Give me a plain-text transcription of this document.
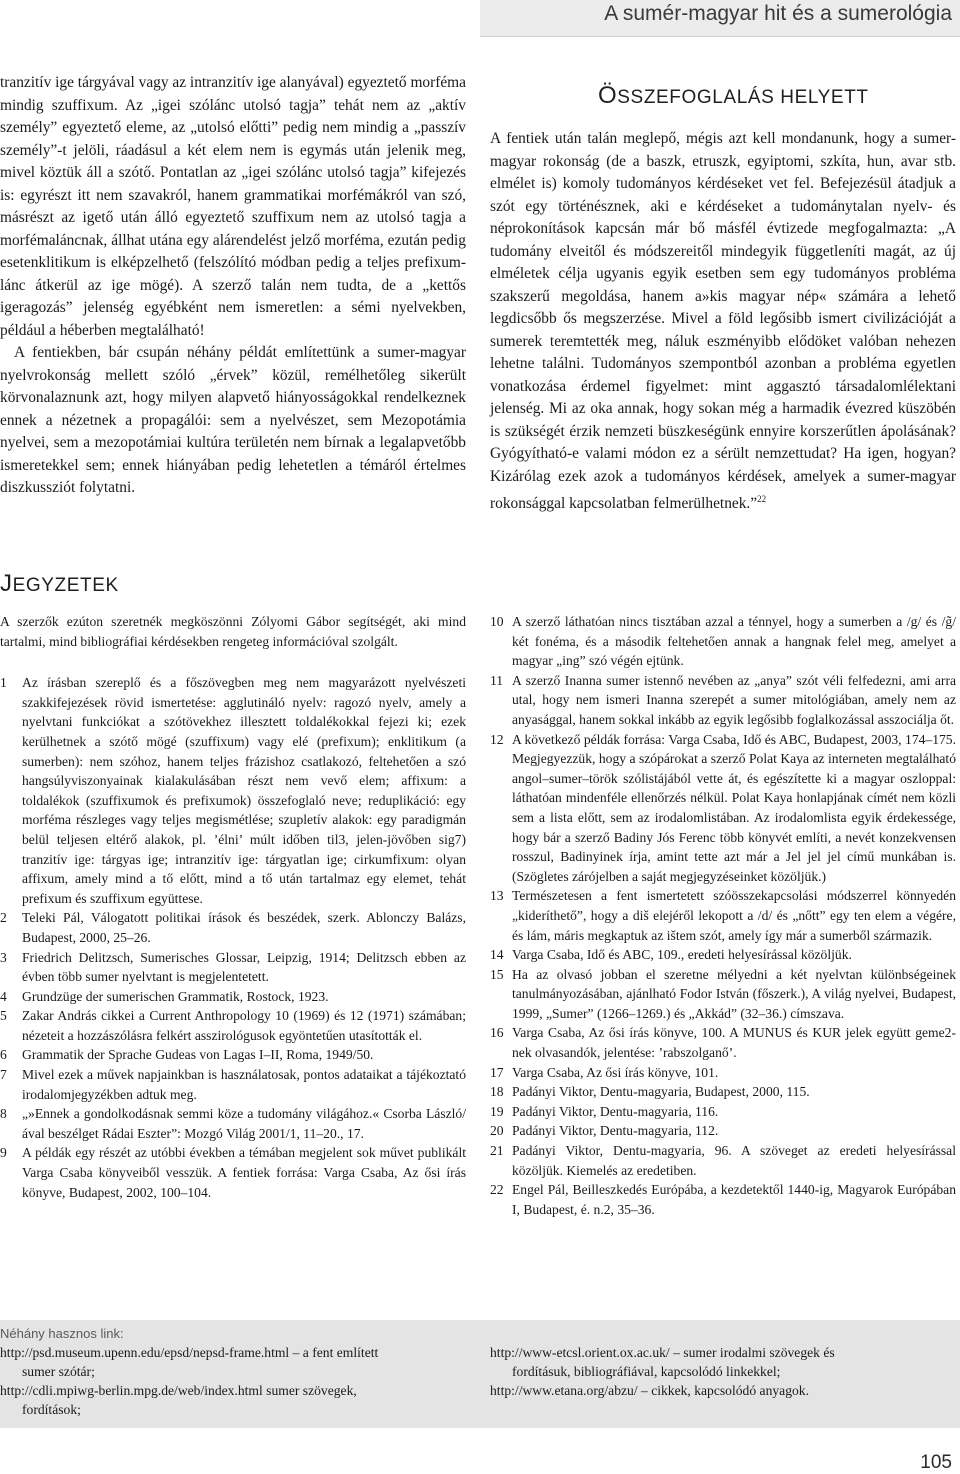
A sumér-magyar hit és a sumerológia

tranzitív ige tárgyával vagy az intranzitív ige alanyával) egyeztető morféma mindig szuffixum. Az „igei szólánc utolsó tagja” tehát nem az „aktív személy” egyeztető eleme, az „utolsó előtti” pedig nem mindig a „passzív személy”-t jelöli, ráadásul a két elem nem is egymás után jelenik meg, mivel köztük áll a szótő. Pontatlan az „igei szólánc utolsó tagja” kifejezés is: egyrészt itt nem szavakról, hanem grammatikai morfémákról van szó, másrészt az igető után álló egyeztető szuffixum nem az utolsó tagja a morfémaláncnak, állhat utána egy alárendelést jelző morféma, ezután pedig esetenklitikum is elképzelhető (felszólító módban pedig a teljes prefixum-lánc átkerül az ige mögé). A szerző talán nem tudta, de a „kettős igeragozás” jelenség egyébként nem ismeretlen: a sémi nyelvekben, például a héberben megtalálható!

A fentiekben, bár csupán néhány példát említettünk a sumer-magyar nyelvrokonság mellett szóló „érvek” közül, remélhetőleg sikerült körvonalaznunk azt, hogy milyen alapvető hiányosságokkal rendelkeznek ennek a nézetnek a propagálói: sem a nyelvészet, sem Mezopotámia nyelvei, sem a mezopotámiai kultúra területén nem bírnak a legalapvetőbb ismeretekkel sem; ennek hiányában pedig lehetetlen a témáról értelmes diszkussziót folytatni.

ÖSSZEFOGLALÁS HELYETT

A fentiek után talán meglepő, mégis azt kell mondanunk, hogy a sumer-magyar rokonság (de a baszk, etruszk, egyiptomi, szkíta, hun, avar stb. elmélet is) komoly tudományos kérdéseket vet fel. Befejezésül átadjuk a szót egy történésznek, aki e kérdéseket a tudománytalan nyelv- és néprokonítások kapcsán már bő másfél évtizede megfogalmazta: „A tudomány elveitől és módszereitől mindegyik függetleníti magát, az új elméletek célja ugyanis egyik esetben sem egy tudományos probléma szakszerű megoldása, hanem a»kis magyar nép« számára a lehető legdicsőbb ős megszerzése. Mivel a föld legősibb ismert civilizációját a sumerek teremtették meg, náluk eszményibb elődöket valóban nehezen lehetne találni. Tudományos szempontból azonban a probléma egyetlen vonatkozása érdemel figyelmet: mint aggasztó társadalomlélektani jelenség. Mi az oka annak, hogy sokan még a harmadik évezred küszöbén is szükségét érzik nemzeti büszkeségünk ennyire korszerűtlen ápolásának? Gyógyítható-e valami módon ez a sérült nemzettudat? Ha igen, hogyan? Kizárólag ezek azok a tudományos kérdések, amelyek a sumer-magyar rokonsággal kapcsolatban felmerülhetnek.”$^{22}$

JEGYZETEK

A szerzők ezúton szeretnék megköszönni Zólyomi Gábor segítségét, aki mind tartalmi, mind bibliográfiai kérdésekben rengeteg információval szolgált.

1	Az írásban szereplő és a főszövegben meg nem magyarázott nyelvészeti szakkifejezések rövid ismertetése: agglutináló nyelv: ragozó nyelv, amely a nyelvtani funkciókat a szótövekhez illesztett toldalékokkal fejezi ki; ezek kerülhetnek a szótő mögé (szuffixum) vagy elé (prefixum); enklitikum (a sumerben): nem szóhoz, hanem teljes frázishoz csatlakozó, feltehetően a szó hangsúlyviszonyainak kialakulásában részt nem vevő elem; affixum: a toldalékok (szuffixumok és prefixumok) összefoglaló neve; reduplikáció: egy morféma részleges vagy teljes megismétlése; szupletív alakok: egy paradigmán belül teljesen eltérő alakok, pl. ’élni’ múlt időben til3, jelen-jövőben sig7) tranzitív ige: tárgyas ige; intranzitív ige: tárgyatlan ige; cirkumfixum: olyan affixum, amely mind a tő előtt, mind a tő után tartalmaz egy elemet, tehát prefixum és szuffixum együttese.
2	Teleki Pál, Válogatott politikai írások és beszédek, szerk. Ablonczy Balázs, Budapest, 2000, 25–26.
3	Friedrich Delitzsch, Sumerisches Glossar, Leipzig, 1914; Delitzsch ebben az évben több sumer nyelvtant is megjelentetett.
4	Grundzüge der sumerischen Grammatik, Rostock, 1923.
5	Zakar András cikkei a Current Anthropology 10 (1969) és 12 (1971) számában; nézeteit a hozzászólásra felkért asszirológusok egyöntetűen utasították el.
6	Grammatik der Sprache Gudeas von Lagas I–II, Roma, 1949/50.
7	Mivel ezek a művek napjainkban is használatosak, pontos adataikat a tájékoztató irodalomjegyzékben adtuk meg.
8	„»Ennek a gondolkodásnak semmi köze a tudomány világához.« Csorba László/ával beszélget Rádai Eszter”: Mozgó Világ 2001/1, 11–20., 17.
9	A példák egy részét az utóbbi években a témában megjelent sok művet publikált Varga Csaba könyveiből vesszük. A fentiek forrása: Varga Csaba, Az ősi írás könyve, Budapest, 2002, 100–104.
10 A szerző láthatóan nincs tisztában azzal a ténnyel, hogy a sumerben a /g/ és /g̃/ két fonéma, és a második feltehetően annak a hangnak felel meg, amelyet a magyar „ing” szó végén ejtünk.
11 A szerző Inanna sumer istennő nevében az „anya” szót véli felfedezni, ami arra utal, hogy nem ismeri Inanna szerepét a sumer mitológiában, amely nem az anyasággal, hanem sokkal inkább az egyik legősibb foglalkozással asszociálja őt.
12 A következő példák forrása: Varga Csaba, Idő és ABC, Budapest, 2003, 174–175. Megjegyezzük, hogy a szópárokat a szerző Polat Kaya az interneten megtalálható angol–sumer–török szólistájából vette át, és egészítette ki a magyar oszloppal: láthatóan mindenféle ellenőrzés nélkül. Polat Kaya honlapjának címét nem közli sem a lista előtt, sem az irodalomlistában. Az irodalomlista egyik érdekessége, hogy bár a szerző Badiny Jós Ferenc több könyvét említi, a nevét konzekvensen rosszul, Badinyinek írja, amint tette azt már a Jel jel jel című munkában is. (Szögletes zárójelben a saját megjegyzéseinket közöljük.)
13 Természetesen a fent ismertetett szóösszekapcsolási módszerrel könnyedén „kideríthető”, hogy a diš elejéről lekopott a /d/ és „nőtt” egy ten elem a végére, és lám, máris megkaptuk az ištem szót, amely így már a sumerből származik.
14 Varga Csaba, Idő és ABC, 109., eredeti helyesírással közöljük.
15 Ha az olvasó jobban el szeretne mélyedni a két nyelvtan különbségeinek tanulmányozásában, ajánlható Fodor István (főszerk.), A világ nyelvei, Budapest, 1999, „Sumer” (1266–1269.) és „Akkád” (32–36.) címszava.
16 Varga Csaba, Az ősi írás könyve, 100. A MUNUS és KUR jelek együtt geme2-nek olvasandók, jelentése: ’rabszolganő’.
17 Varga Csaba, Az ősi írás könyve, 101.
18 Padányi Viktor, Dentu-magyaria, Budapest, 2000, 115.
19 Padányi Viktor, Dentu-magyaria, 116.
20 Padányi Viktor, Dentu-magyaria, 112.
21 Padányi Viktor, Dentu-magyaria, 96. A szöveget az eredeti helyesírással közöljük. Kiemelés az eredetiben.
22 Engel Pál, Beilleszkedés Európába, a kezdetektől 1440-ig, Magyarok Európában I, Budapest, é. n.2, 35–36.
Néhány hasznos link:
http://psd.museum.upenn.edu/epsd/nepsd-frame.html – a fent említett
sumer szótár;
http://cdli.mpiwg-berlin.mpg.de/web/index.html sumer szövegek,
fordítások;
http://www-etcsl.orient.ox.ac.uk/ – sumer irodalmi szövegek és
fordításuk, bibliográfiával, kapcsolódó linkekkel;
http://www.etana.org/abzu/ – cikkek, kapcsolódó anyagok.
105
